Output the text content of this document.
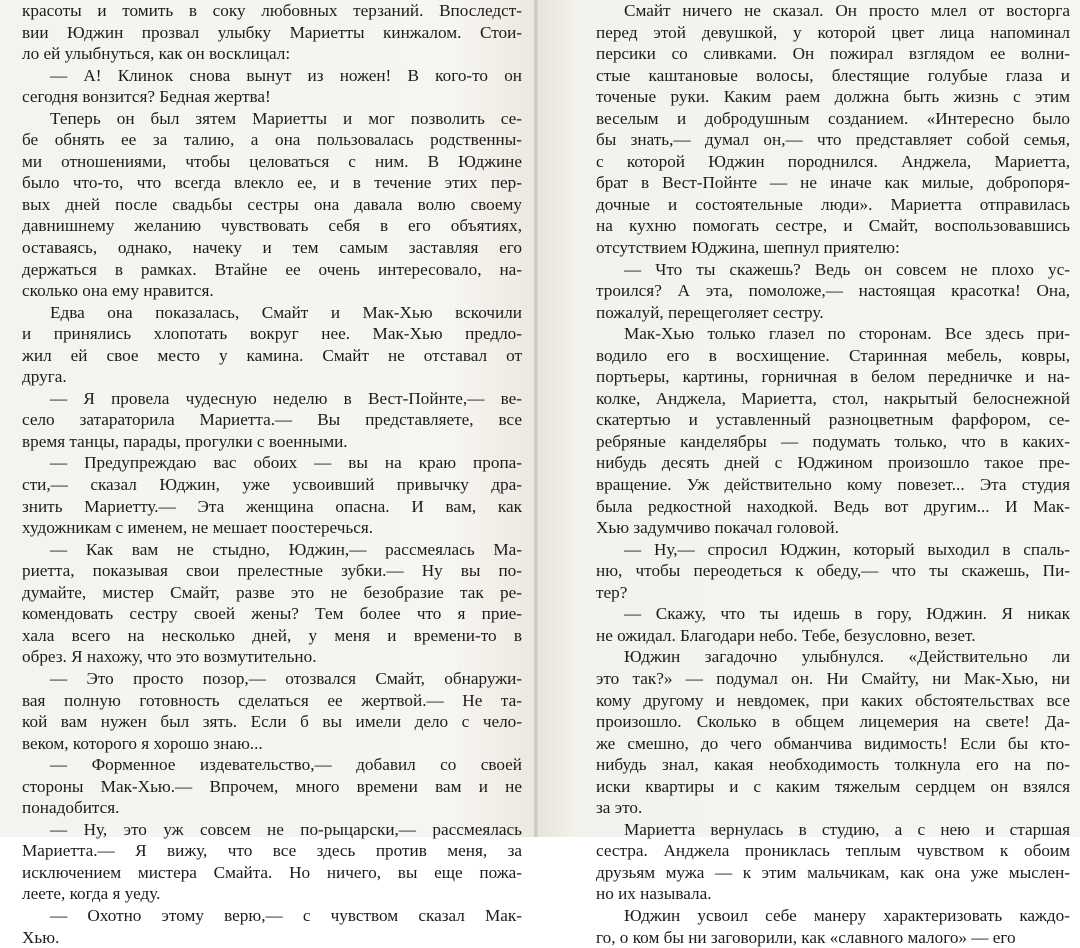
красоты и томить в соку любовных терзаний. Впоследст-
вии Юджин прозвал улыбку Мариетты кинжалом. Стои-
ло ей улыбнуться, как он восклицал:
— А! Клинок снова вынут из ножен! В кого-то он
сегодня вонзится? Бедная жертва!
Теперь он был зятем Мариетты и мог позволить се-
бе обнять ее за талию, а она пользовалась родственны-
ми отношениями, чтобы целоваться с ним. В Юджине
было что-то, что всегда влекло ее, и в течение этих пер-
вых дней после свадьбы сестры она давала волю своему
давнишнему желанию чувствовать себя в его объятиях,
оставаясь, однако, начеку и тем самым заставляя его
держаться в рамках. Втайне ее очень интересовало, на-
сколько она ему нравится.
Едва она показалась, Смайт и Мак-Хью вскочили
и принялись хлопотать вокруг нее. Мак-Хью предло-
жил ей свое место у камина. Смайт не отставал от
друга.
— Я провела чудесную неделю в Вест-Пойнте,— ве-
село затараторила Мариетта.— Вы представляете, все
время танцы, парады, прогулки с военными.
— Предупреждаю вас обоих — вы на краю пропа-
сти,— сказал Юджин, уже усвоивший привычку дра-
знить Мариетту.— Эта женщина опасна. И вам, как
художникам с именем, не мешает поостеречься.
— Как вам не стыдно, Юджин,— рассмеялась Ма-
риетта, показывая свои прелестные зубки.— Ну вы по-
думайте, мистер Смайт, разве это не безобразие так ре-
комендовать сестру своей жены? Тем более что я прие-
хала всего на несколько дней, у меня и времени-то в
обрез. Я нахожу, что это возмутительно.
— Это просто позор,— отозвался Смайт, обнаружи-
вая полную готовность сделаться ее жертвой.— Не та-
кой вам нужен был зять. Если б вы имели дело с чело-
веком, которого я хорошо знаю...
— Форменное издевательство,— добавил со своей
стороны Мак-Хью.— Впрочем, много времени вам и не
понадобится.
— Ну, это уж совсем не по-рыцарски,— рассмеялась
Мариетта.— Я вижу, что все здесь против меня, за
исключением мистера Смайта. Но ничего, вы еще пожа-
леете, когда я уеду.
— Охотно этому верю,— с чувством сказал Мак-
Хью.
Смайт ничего не сказал. Он просто млел от восторга
перед этой девушкой, у которой цвет лица напоминал
персики со сливками. Он пожирал взглядом ее волни-
стые каштановые волосы, блестящие голубые глаза и
точеные руки. Каким раем должна быть жизнь с этим
веселым и добродушным созданием. «Интересно было
бы знать,— думал он,— что представляет собой семья,
с которой Юджин породнился. Анджела, Мариетта,
брат в Вест-Пойнте — не иначе как милые, добропоря-
дочные и состоятельные люди». Мариетта отправилась
на кухню помогать сестре, и Смайт, воспользовавшись
отсутствием Юджина, шепнул приятелю:
— Что ты скажешь? Ведь он совсем не плохо ус-
троился? А эта, помоложе,— настоящая красотка! Она,
пожалуй, перещеголяет сестру.
Мак-Хью только глазел по сторонам. Все здесь при-
водило его в восхищение. Старинная мебель, ковры,
портьеры, картины, горничная в белом передничке и на-
колке, Анджела, Мариетта, стол, накрытый белоснежной
скатертью и уставленный разноцветным фарфором, се-
ребряные канделябры — подумать только, что в каких-
нибудь десять дней с Юджином произошло такое пре-
вращение. Уж действительно кому повезет... Эта студия
была редкостной находкой. Ведь вот другим... И Мак-
Хью задумчиво покачал головой.
— Ну,— спросил Юджин, который выходил в спаль-
ню, чтобы переодеться к обеду,— что ты скажешь, Пи-
тер?
— Скажу, что ты идешь в гору, Юджин. Я никак
не ожидал. Благодари небо. Тебе, безусловно, везет.
Юджин загадочно улыбнулся. «Действительно ли
это так?» — подумал он. Ни Смайту, ни Мак-Хью, ни
кому другому и невдомек, при каких обстоятельствах все
произошло. Сколько в общем лицемерия на свете! Да-
же смешно, до чего обманчива видимость! Если бы кто-
нибудь знал, какая необходимость толкнула его на по-
иски квартиры и с каким тяжелым сердцем он взялся
за это.
Мариетта вернулась в студию, а с нею и старшая
сестра. Анджела прониклась теплым чувством к обоим
друзьям мужа — к этим мальчикам, как она уже мыслен-
но их называла.
Юджин усвоил себе манеру характеризовать каждо-
го, о ком бы ни заговорили, как «славного малого» — его
